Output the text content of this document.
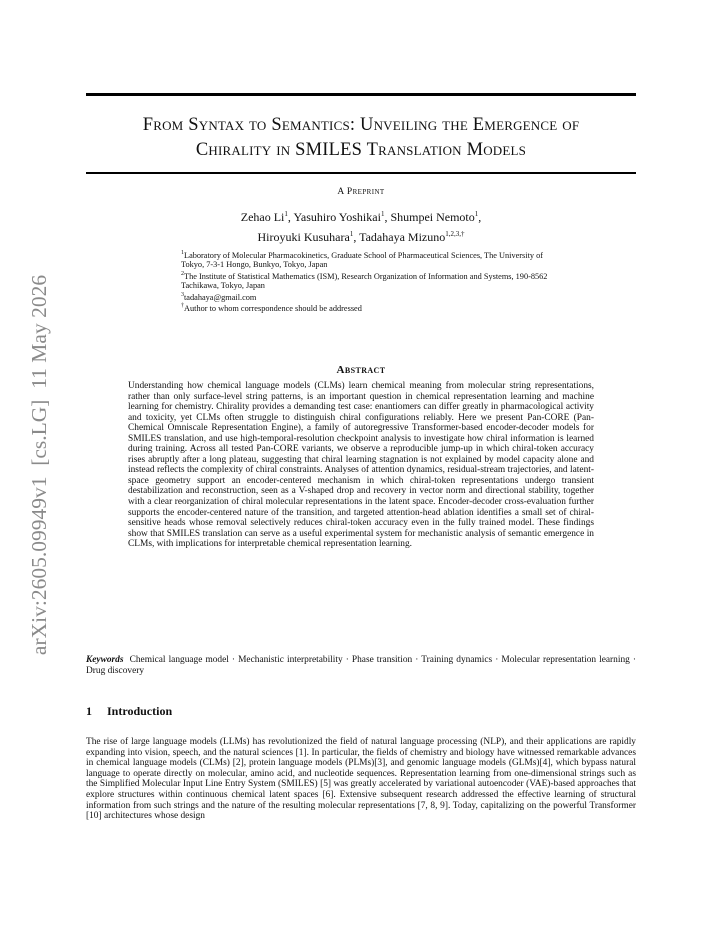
arXiv:2605.09949v1  [cs.LG]  11 May 2026
From Syntax to Semantics: Unveiling the Emergence of
Chirality in SMILES Translation Models
A Preprint
Zehao Li$^1$, Yasuhiro Yoshikai$^1$, Shumpei Nemoto$^1$,
Hiroyuki Kusuhara$^1$, Tadahaya Mizuno$^{1,2,3,\dagger}$

$^1$Laboratory of Molecular Pharmacokinetics, Graduate School of Pharmaceutical Sciences, The University of Tokyo, 7-3-1 Hongo, Bunkyo, Tokyo, Japan

$^2$The Institute of Statistical Mathematics (ISM), Research Organization of Information and Systems, 190-8562 Tachikawa, Tokyo, Japan

$^3$tadahaya@gmail.com

†Author to whom correspondence should be addressed

Abstract
Understanding how chemical language models (CLMs) learn chemical meaning from molecular string representations, rather than only surface-level string patterns, is an important question in chemical representation learning and machine learning for chemistry. Chirality provides a demanding test case: enantiomers can differ greatly in pharmacological activity and toxicity, yet CLMs often struggle to distinguish chiral configurations reliably. Here we present Pan-CORE (Pan-Chemical Omniscale Representation Engine), a family of autoregressive Transformer-based encoder-decoder models for SMILES translation, and use high-temporal-resolution checkpoint analysis to investigate how chiral information is learned during training. Across all tested Pan-CORE variants, we observe a reproducible jump-up in which chiral-token accuracy rises abruptly after a long plateau, suggesting that chiral learning stagnation is not explained by model capacity alone and instead reflects the complexity of chiral constraints. Analyses of attention dynamics, residual-stream trajectories, and latent-space geometry support an encoder-centered mechanism in which chiral-token representations undergo transient destabilization and reconstruction, seen as a V-shaped drop and recovery in vector norm and directional stability, together with a clear reorganization of chiral molecular representations in the latent space. Encoder-decoder cross-evaluation further supports the encoder-centered nature of the transition, and targeted attention-head ablation identifies a small set of chiral-sensitive heads whose removal selectively reduces chiral-token accuracy even in the fully trained model. These findings show that SMILES translation can serve as a useful experimental system for mechanistic analysis of semantic emergence in CLMs, with implications for interpretable chemical representation learning.
Keywords Chemical language model · Mechanistic interpretability · Phase transition · Training dynamics · Molecular representation learning · Drug discovery
1 Introduction
The rise of large language models (LLMs) has revolutionized the field of natural language processing (NLP), and their applications are rapidly expanding into vision, speech, and the natural sciences [1]. In particular, the fields of chemistry and biology have witnessed remarkable advances in chemical language models (CLMs) [2], protein language models (PLMs)[3], and genomic language models (GLMs)[4], which bypass natural language to operate directly on molecular, amino acid, and nucleotide sequences. Representation learning from one-dimensional strings such as the Simplified Molecular Input Line Entry System (SMILES) [5] was greatly accelerated by variational autoencoder (VAE)-based approaches that explore structures within continuous chemical latent spaces [6]. Extensive subsequent research addressed the effective learning of structural information from such strings and the nature of the resulting molecular representations [7, 8, 9]. Today, capitalizing on the powerful Transformer [10] architectures whose design
